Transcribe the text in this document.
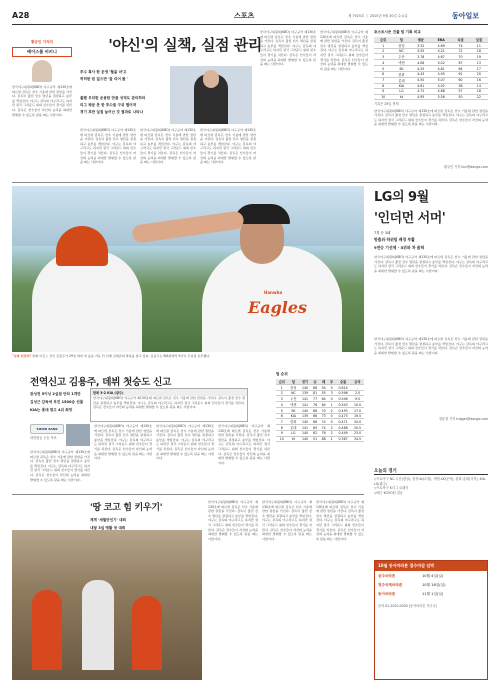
A28	스포츠	제 7925호 ㅣ 2015년 9월 30일 수요일	동아일보
황규인 기자의
베이스볼 비키니
한국야구위원회(KBO) 야구규약 제130조에 따르면 감독은 선수 기용에 관한 권한을 가진다. 감독이 출전 선수 명단을 결정하고 승부를 책임진다. 야구는 감독의 야구라고도 하지만 결국 그라운드 위의 선수들이 경기를 치른다. 감독은 선수들이 자신의 능력을 최대한 발휘할 수 있도록 판을 짜는 사람이다.
'야신'의 실책, 실점 관리
투수 혹사 한 운영 '혈을 마'고
허허한 원 없으면 '들 리어 봤 '
불펜 무리한 운용한 만큼 성적도 관리하라
리그 평균 못 한 투수들 구위 떨어져
경기 후반 실점 늘어난 것 결과로 나타나
한국야구위원회(KBO) 야구규약 제130조에 따르면 감독은 선수 기용에 관한 권한을 가진다. 감독이 출전 선수 명단을 결정하고 승부를 책임진다. 야구는 감독의 야구라고도 하지만 결국 그라운드 위의 선수들이 경기를 치른다. 감독은 선수들이 자신의 능력을 최대한 발휘할 수 있도록 판을 짜는 사람이다.
한국야구위원회(KBO) 야구규약 제130조에 따르면 감독은 선수 기용에 관한 권한을 가진다. 감독이 출전 선수 명단을 결정하고 승부를 책임진다. 야구는 감독의 야구라고도 하지만 결국 그라운드 위의 선수들이 경기를 치른다. 감독은 선수들이 자신의 능력을 최대한 발휘할 수 있도록 판을 짜는 사람이다.
한국야구위원회(KBO) 야구규약 제130조에 따르면 감독은 선수 기용에 관한 권한을 가진다. 감독이 출전 선수 명단을 결정하고 승부를 책임진다. 야구는 감독의 야구라고도 하지만 결국 그라운드 위의 선수들이 경기를 치른다. 감독은 선수들이 자신의 능력을 최대한 발휘할 수 있도록 판을 짜는 사람이다.
한국야구위원회(KBO) 야구규약 제130조에 따르면 감독은 선수 기용에 관한 권한을 가진다. 감독이 출전 선수 명단을 결정하고 승부를 책임진다. 야구는 감독의 야구라고도 하지만 결국 그라운드 위의 선수들이 경기를 치른다. 감독은 선수들이 자신의 능력을 최대한 발휘할 수 있도록 판을 짜는 사람이다.
한국야구위원회(KBO) 야구규약 제130조에 따르면 감독은 선수 기용에 관한 권한을 가진다. 감독이 출전 선수 명단을 결정하고 승부를 책임진다. 야구는 감독의 야구라고도 하지만 결국 그라운드 위의 선수들이 경기를 치른다. 감독은 선수들이 자신의 능력을 최대한 발휘할 수 있도록 판을 짜는 사람이다.
포스트시즌 진출 팀 기록 비교
순위	팀	평균	ERA	득점	실점
1	삼성	3.32	4.69	74	11
2	NC	3.55	4.21	72	18
3	두산	3.78	4.67	70	19
4	넥센	4.08	5.02	67	13
5	SK	4.25	4.81	64	17
6	한화	4.43	4.95	61	20
7	롯데	4.50	5.07	60	16
8	KIA	4.61	4.92	58	14
9	LG	4.72	4.88	57	18
10	kt	4.95	5.56	50	22
기록은 29일 현재
한국야구위원회(KBO) 야구규약 제130조에 따르면 감독은 선수 기용에 관한 권한을 가진다. 감독이 출전 선수 명단을 결정하고 승부를 책임진다. 야구는 감독의 야구라고도 하지만 결국 그라운드 위의 선수들이 경기를 치른다. 감독은 선수들이 자신의 능력을 최대한 발휘할 수 있도록 판을 짜는 사람이다.
황규인 기자 kini@donga.com
Hanwha
Eagles
"고마 선전처" 한화 이글스 신인 김용주가 29일 데뷔 첫 승을 거둔 뒤 선배 김태균의 축하를 받고 있다. 김용주는 KIA전에서 5이닝 무실점 호투했다.
LG의 9월
'인더먼 서머'
7경 승 3패
방출위·하위팀 배경 부활
9연승 기선제 - 5위와 차 좁혀
한국야구위원회(KBO) 야구규약 제130조에 따르면 감독은 선수 기용에 관한 권한을 가진다. 감독이 출전 선수 명단을 결정하고 승부를 책임진다. 야구는 감독의 야구라고도 하지만 결국 그라운드 위의 선수들이 경기를 치른다. 감독은 선수들이 자신의 능력을 최대한 발휘할 수 있도록 판을 짜는 사람이다.
한국야구위원회(KBO) 야구규약 제130조에 따르면 감독은 선수 기용에 관한 권한을 가진다. 감독이 출전 선수 명단을 결정하고 승부를 책임진다. 야구는 감독의 야구라고도 하지만 결국 그라운드 위의 선수들이 경기를 치른다. 감독은 선수들이 자신의 능력을 최대한 발휘할 수 있도록 판을 짜는 사람이다.
정윤철 기자 trigger@donga.com
전역신고 김용주, 데뷔 첫승도 신고
관성전 5이닝 2실점 안타 1개만
김성근 감독에 부진 1500승 선물
KIA는 롯데 꺾고 4위 희망
한화 3-2 KIA (광주)
한국야구위원회(KBO) 야구규약 제130조에 따르면 감독은 선수 기용에 관한 권한을 가진다. 감독이 출전 선수 명단을 결정하고 승부를 책임진다. 야구는 감독의 야구라고도 하지만 결국 그라운드 위의 선수들이 경기를 치른다. 감독은 선수들이 자신의 능력을 최대한 발휘할 수 있도록 판을 짜는 사람이다.
T-BIRD BANK
대한항공 우승 목표
한국야구위원회(KBO) 야구규약 제130조에 따르면 감독은 선수 기용에 관한 권한을 가진다. 감독이 출전 선수 명단을 결정하고 승부를 책임진다. 야구는 감독의 야구라고도 하지만 결국 그라운드 위의 선수들이 경기를 치른다. 감독은 선수들이 자신의 능력을 최대한 발휘할 수 있도록 판을 짜는 사람이다.
한국야구위원회(KBO) 야구규약 제130조에 따르면 감독은 선수 기용에 관한 권한을 가진다. 감독이 출전 선수 명단을 결정하고 승부를 책임진다. 야구는 감독의 야구라고도 하지만 결국 그라운드 위의 선수들이 경기를 치른다. 감독은 선수들이 자신의 능력을 최대한 발휘할 수 있도록 판을 짜는 사람이다.
한국야구위원회(KBO) 야구규약 제130조에 따르면 감독은 선수 기용에 관한 권한을 가진다. 감독이 출전 선수 명단을 결정하고 승부를 책임진다. 야구는 감독의 야구라고도 하지만 결국 그라운드 위의 선수들이 경기를 치른다. 감독은 선수들이 자신의 능력을 최대한 발휘할 수 있도록 판을 짜는 사람이다.
한국야구위원회(KBO) 야구규약 제130조에 따르면 감독은 선수 기용에 관한 권한을 가진다. 감독이 출전 선수 명단을 결정하고 승부를 책임진다. 야구는 감독의 야구라고도 하지만 결국 그라운드 위의 선수들이 경기를 치른다. 감독은 선수들이 자신의 능력을 최대한 발휘할 수 있도록 판을 짜는 사람이다.
팀 순위
순위	팀	경기	승	패	무	승률	승차
1	삼성	140	86	54	0	0.614	-
2	NC	139	81	55	3	0.596	2.5
3	두산	141	77	64	0	0.546	9.5
4	넥센	141	76	64	1	0.543	10.0
5	SK	140	68	70	2	0.493	17.0
6	KIA	139	66	73	0	0.475	19.5
7	한화	140	66	74	0	0.471	20.0
8	롯데	141	65	74	2	0.468	20.5
9	LG	140	62	76	2	0.449	23.0
10	kt	140	51	88	1	0.367	34.5
오늘의 경기
▽프로야구 NC-두산(잠실), 삼성-kt(수원), 넥센-SK(문학), 한화-롯데(사직), KIA-LG(광주)
▽프로축구 K리그 클래식
▽배구 KOVO컵 결승
'땅 코고 힘 키우기'
제게 '세월만인기' 대회
내달 3일 맹활 첫 대회
한국야구위원회(KBO) 야구규약 제130조에 따르면 감독은 선수 기용에 관한 권한을 가진다. 감독이 출전 선수 명단을 결정하고 승부를 책임진다. 야구는 감독의 야구라고도 하지만 결국 그라운드 위의 선수들이 경기를 치른다. 감독은 선수들이 자신의 능력을 최대한 발휘할 수 있도록 판을 짜는 사람이다.
한국야구위원회(KBO) 야구규약 제130조에 따르면 감독은 선수 기용에 관한 권한을 가진다. 감독이 출전 선수 명단을 결정하고 승부를 책임진다. 야구는 감독의 야구라고도 하지만 결국 그라운드 위의 선수들이 경기를 치른다. 감독은 선수들이 자신의 능력을 최대한 발휘할 수 있도록 판을 짜는 사람이다.
한국야구위원회(KBO) 야구규약 제130조에 따르면 감독은 선수 기용에 관한 권한을 가진다. 감독이 출전 선수 명단을 결정하고 승부를 책임진다. 야구는 감독의 야구라고도 하지만 결국 그라운드 위의 선수들이 경기를 치른다. 감독은 선수들이 자신의 능력을 최대한 발휘할 수 있도록 판을 짜는 사람이다.
10월 동아마라톤 접수마감 임박
공주마라톤	10월 4일(일)
경주국제마라톤	10월 18일(일)
동아마라톤	11월 1일(일)
문의 02-2020-0000 (동아마라톤 사무국)
